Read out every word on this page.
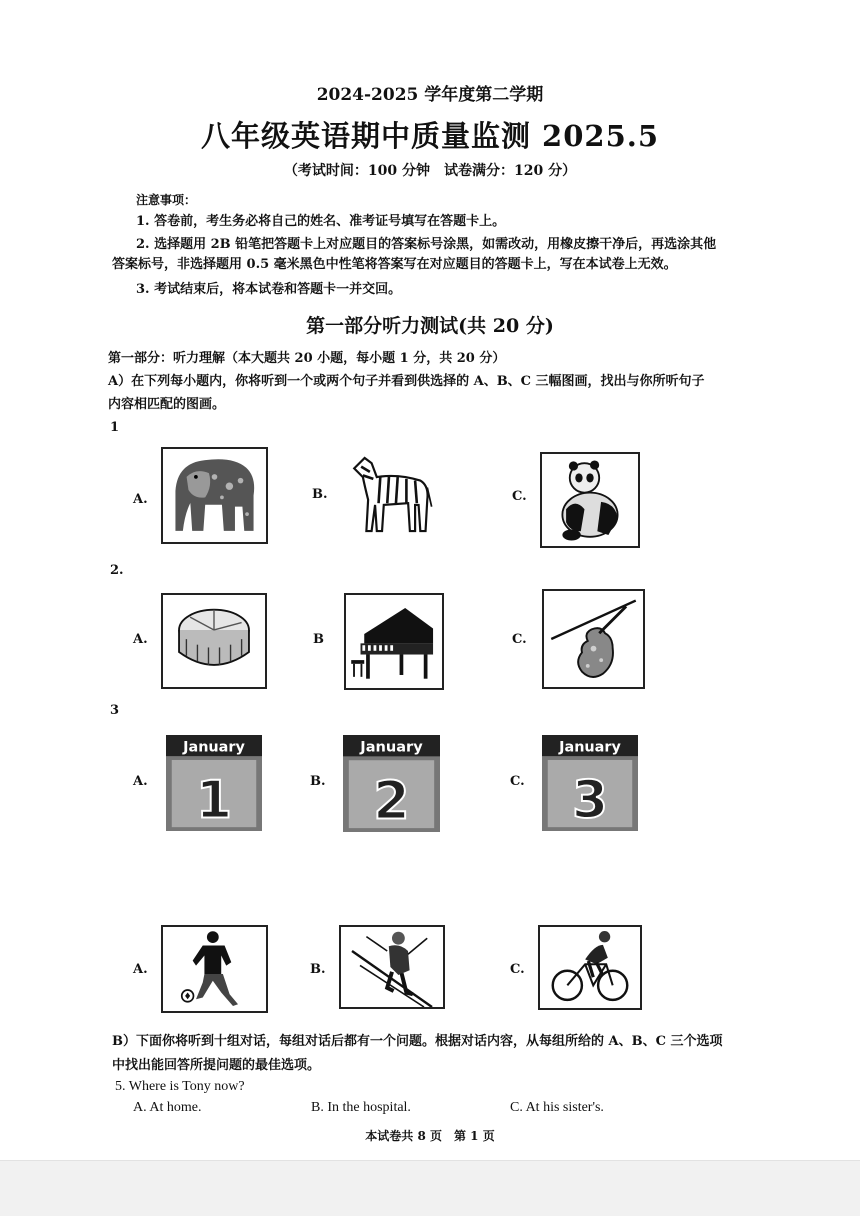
2024-2025 学年度第二学期
八年级英语期中质量监测 2025.5
（考试时间：100 分钟　试卷满分：120 分）
注意事项：
1. 答卷前，考生务必将自己的姓名、准考证号填写在答题卡上。
2. 选择题用 2B 铅笔把答题卡上对应题目的答案标号涂黑，如需改动，用橡皮擦干净后，再选涂其他
答案标号，非选择题用 0.5 毫米黑色中性笔将答案写在对应题目的答题卡上，写在本试卷上无效。
3. 考试结束后，将本试卷和答题卡一并交回。
第一部分听力测试(共 20 分)
第一部分：听力理解（本大题共 20 小题，每小题 1 分，共 20 分）
A）在下列每小题内，你将听到一个或两个句子并看到供选择的 A、B、C 三幅图画，找出与你所听句子
内容相匹配的图画。
1
A.	B.	C.
2.
A.	B	C.
3
A.
January
1	B.
January
2	C.
January
3
A.	B.	C.
B）下面你将听到十组对话，每组对话后都有一个问题。根据对话内容，从每组所给的 A、B、C 三个选项
中找出能回答所提问题的最佳选项。
5. Where is Tony now?
A. At home.	B. In the hospital.	C. At his sister's.
本试卷共 8 页　第 1 页
